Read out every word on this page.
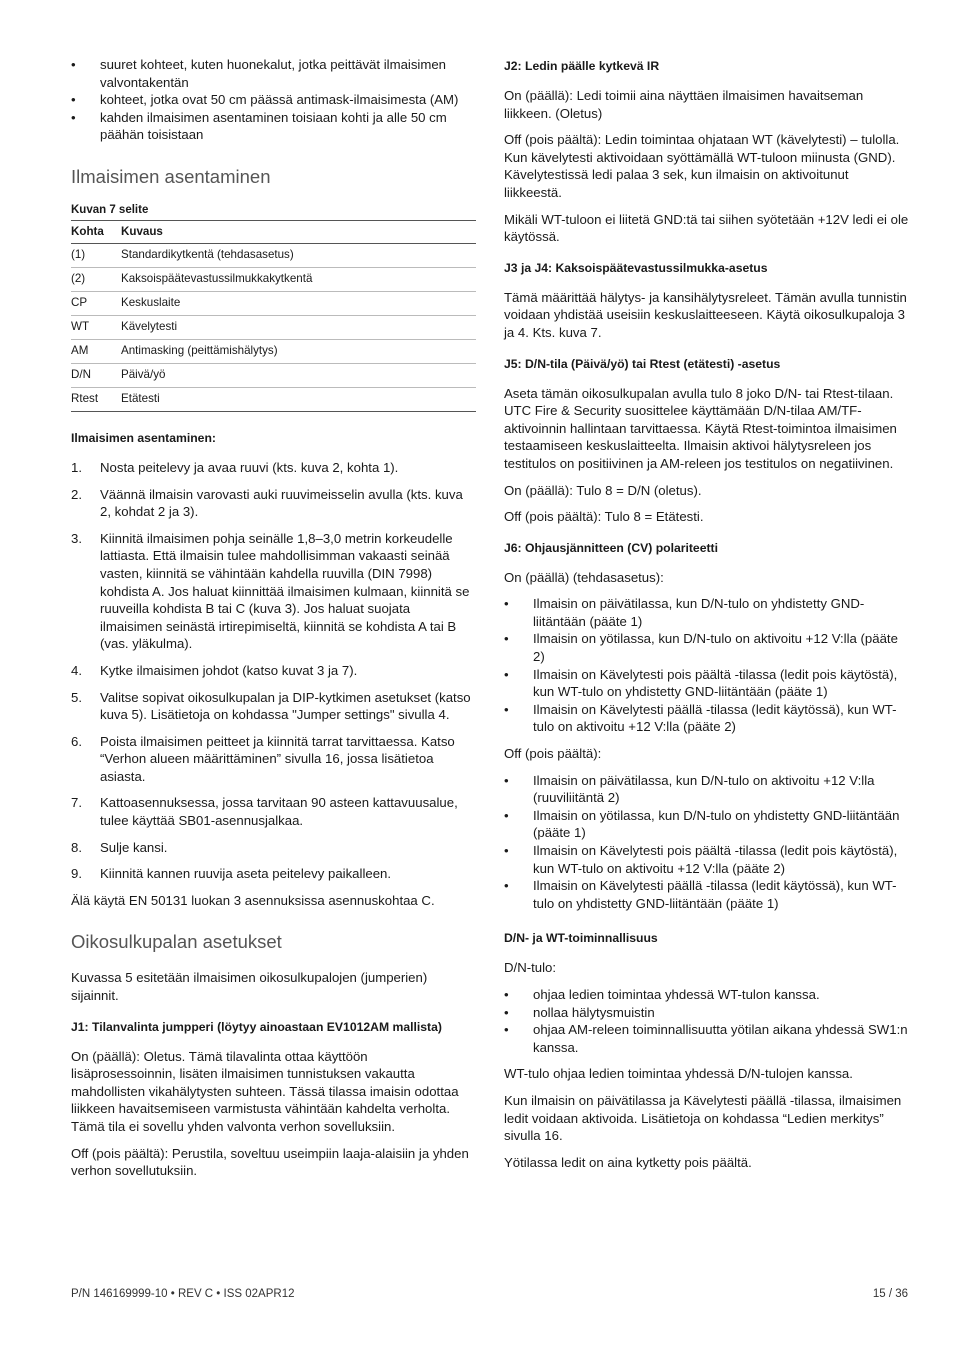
• suuret kohteet, kuten huonekalut, jotka peittävät ilmaisimen valvontakentän
• kohteet, jotka ovat 50 cm päässä antimask-ilmaisimesta (AM)
• kahden ilmaisimen asentaminen toisiaan kohti ja alle 50 cm päähän toisistaan
Ilmaisimen asentaminen
Kuvan 7 selite
Kohta	Kuvaus
(1)	Standardikytkentä (tehdasasetus)
(2)	Kaksoispäätevastussilmukkakytkentä
CP	Keskuslaite
WT	Kävelytesti
AM	Antimasking (peittämishälytys)
D/N	Päivä/yö
Rtest	Etätesti
Ilmaisimen asentaminen:
1. Nosta peitelevy ja avaa ruuvi (kts. kuva 2, kohta 1).
2. Väännä ilmaisin varovasti auki ruuvimeisselin avulla (kts. kuva 2, kohdat 2 ja 3).
3. Kiinnitä ilmaisimen pohja seinälle 1,8–3,0 metrin korkeudelle lattiasta. Että ilmaisin tulee mahdollisimman vakaasti seinää vasten, kiinnitä se vähintään kahdella ruuvilla (DIN 7998) kohdista A. Jos haluat kiinnittää ilmaisimen kulmaan, kiinnitä se ruuveilla kohdista B tai C (kuva 3). Jos haluat suojata ilmaisimen seinästä irtirepimiseltä, kiinnitä se kohdista A tai B (vas. yläkulma).
4. Kytke ilmaisimen johdot (katso kuvat 3 ja 7).
5. Valitse sopivat oikosulkupalan ja DIP-kytkimen asetukset (katso kuva 5). Lisätietoja on kohdassa "Jumper settings" sivulla 4.
6. Poista ilmaisimen peitteet ja kiinnitä tarrat tarvittaessa. Katso “Verhon alueen määrittäminen” sivulla 16, jossa lisätietoa asiasta.
7. Kattoasennuksessa, jossa tarvitaan 90 asteen kattavuusalue, tulee käyttää SB01-asennusjalkaa.
8. Sulje kansi.
9. Kiinnitä kannen ruuvija aseta peitelevy paikalleen.

Älä käytä EN 50131 luokan 3 asennuksissa asennuskohtaa C.

Oikosulkupalan asetukset

Kuvassa 5 esitetään ilmaisimen oikosulkupalojen (jumperien) sijainnit.

J1: Tilanvalinta jumpperi (löytyy ainoastaan EV1012AM mallista)

On (päällä): Oletus. Tämä tilavalinta ottaa käyttöön lisäprosessoinnin, lisäten ilmaisimen tunnistuksen vakautta mahdollisten vikahälytysten suhteen. Tässä tilassa imaisin odottaa liikkeen havaitsemiseen varmistusta vähintään kahdelta verholta. Tämä tila ei sovellu yhden valvonta verhon sovelluksiin.

Off (pois päältä): Perustila, soveltuu useimpiin laaja-alaisiin ja yhden verhon sovellutuksiin.

J2: Ledin päälle kytkevä IR

On (päällä): Ledi toimii aina näyttäen ilmaisimen havaitseman liikkeen. (Oletus)

Off (pois päältä): Ledin toimintaa ohjataan WT (kävelytesti) – tulolla. Kun kävelytesti aktivoidaan syöttämällä WT-tuloon miinusta (GND). Kävelytestissä ledi palaa 3 sek, kun ilmaisin on aktivoitunut liikkeestä.

Mikäli WT-tuloon ei liitetä GND:tä tai siihen syötetään +12V ledi ei ole käytössä.

J3 ja J4: Kaksoispäätevastussilmukka-asetus

Tämä määrittää hälytys- ja kansihälytysreleet. Tämän avulla tunnistin voidaan yhdistää useisiin keskuslaitteeseen. Käytä oikosulkupaloja 3 ja 4. Kts. kuva 7.

J5: D/N-tila (Päivä/yö) tai Rtest (etätesti) -asetus

Aseta tämän oikosulkupalan avulla tulo 8 joko D/N- tai Rtest-tilaan. UTC Fire & Security suosittelee käyttämään D/N-tilaa AM/TF-aktivoinnin hallintaan tarvittaessa. Käytä Rtest-toimintoa ilmaisimen testaamiseen keskuslaitteelta. Ilmaisin aktivoi hälytysreleen jos testitulos on positiivinen ja AM-releen jos testitulos on negatiivinen.

On (päällä): Tulo 8 = D/N (oletus).

Off (pois päältä): Tulo 8 = Etätesti.

J6: Ohjausjännitteen (CV) polariteetti

On (päällä) (tehdasasetus):

• Ilmaisin on päivätilassa, kun D/N-tulo on yhdistetty GND-liitäntään (pääte 1)
• Ilmaisin on yötilassa, kun D/N-tulo on aktivoitu +12 V:lla (pääte 2)
• Ilmaisin on Kävelytesti pois päältä -tilassa (ledit pois käytöstä), kun WT-tulo on yhdistetty GND-liitäntään (pääte 1)
• Ilmaisin on Kävelytesti päällä -tilassa (ledit käytössä), kun WT-tulo on aktivoitu +12 V:lla (pääte 2)

Off (pois päältä):

• Ilmaisin on päivätilassa, kun D/N-tulo on aktivoitu +12 V:lla (ruuviliitäntä 2)
• Ilmaisin on yötilassa, kun D/N-tulo on yhdistetty GND-liitäntään (pääte 1)
• Ilmaisin on Kävelytesti pois päältä -tilassa (ledit pois käytöstä), kun WT-tulo on aktivoitu +12 V:lla (pääte 2)
• Ilmaisin on Kävelytesti päällä -tilassa (ledit käytössä), kun WT-tulo on yhdistetty GND-liitäntään (pääte 1)
D/N- ja WT-toiminnallisuus

D/N-tulo:

• ohjaa ledien toimintaa yhdessä WT-tulon kanssa.
• nollaa hälytysmuistin
• ohjaa AM-releen toiminnallisuutta yötilan aikana yhdessä SW1:n kanssa.

WT-tulo ohjaa ledien toimintaa yhdessä D/N-tulojen kanssa.

Kun ilmaisin on päivätilassa ja Kävelytesti päällä -tilassa, ilmaisimen ledit voidaan aktivoida. Lisätietoja on kohdassa “Ledien merkitys” sivulla 16.

Yötilassa ledit on aina kytketty pois päältä.

P/N 146169999-10 • REV C • ISS 02APR12	15 / 36
